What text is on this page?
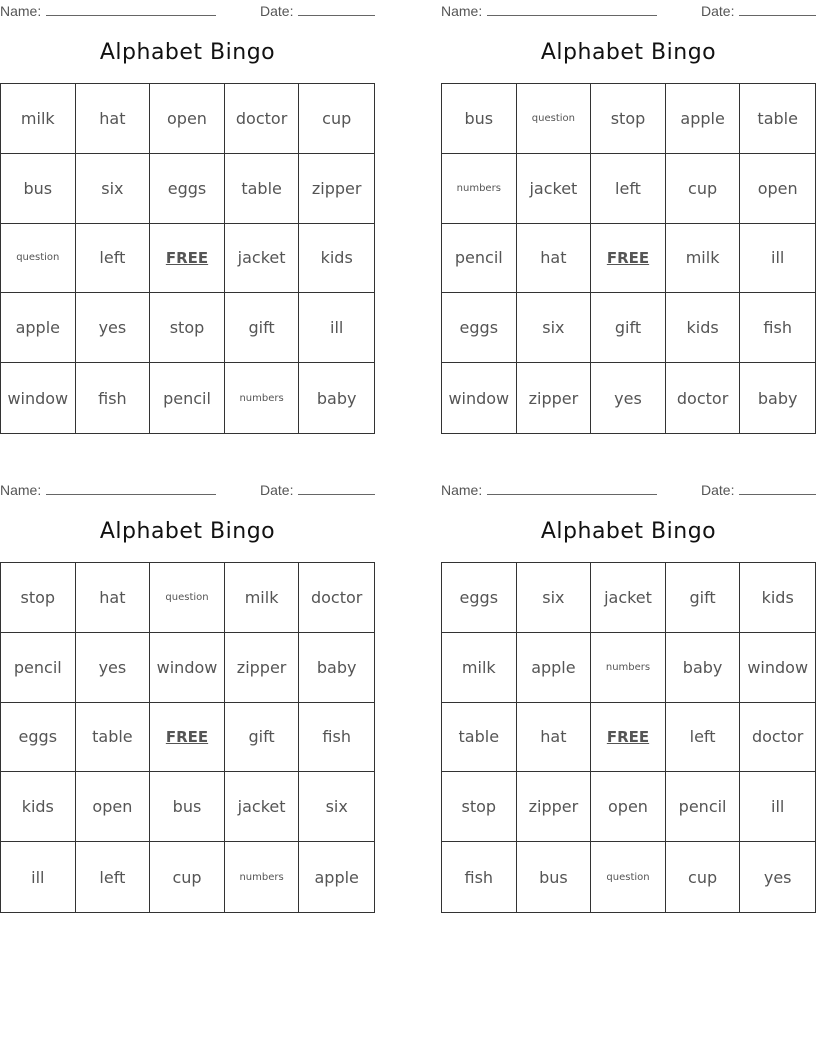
Name:	Date:
Alphabet Bingo
milk	hat	open	doctor	cup
bus	six	eggs	table	zipper
question	left	FREE	jacket	kids
apple	yes	stop	gift	ill
window	fish	pencil	numbers	baby
Name:	Date:
Alphabet Bingo
bus	question	stop	apple	table
numbers	jacket	left	cup	open
pencil	hat	FREE	milk	ill
eggs	six	gift	kids	fish
window	zipper	yes	doctor	baby
Name:	Date:
Alphabet Bingo
stop	hat	question	milk	doctor
pencil	yes	window	zipper	baby
eggs	table	FREE	gift	fish
kids	open	bus	jacket	six
ill	left	cup	numbers	apple
Name:	Date:
Alphabet Bingo
eggs	six	jacket	gift	kids
milk	apple	numbers	baby	window
table	hat	FREE	left	doctor
stop	zipper	open	pencil	ill
fish	bus	question	cup	yes
